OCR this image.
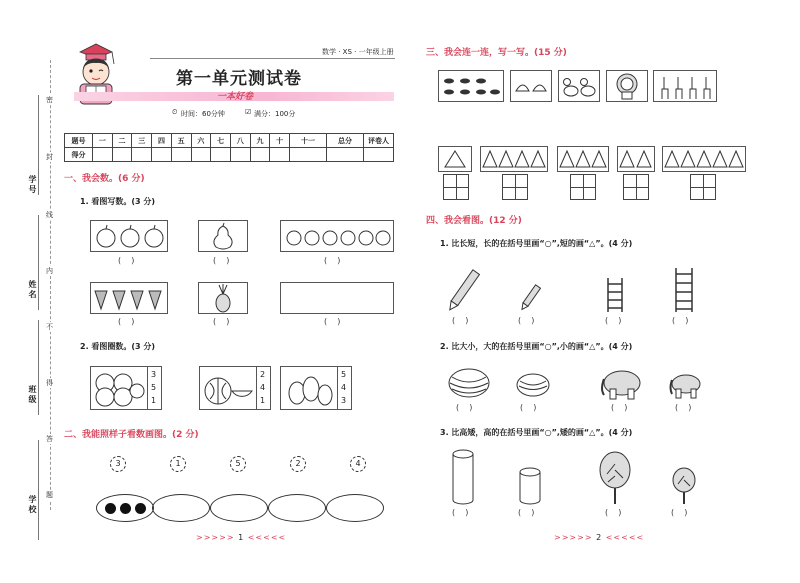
学号
姓名
班级
学校
密
封
线
内
不
得
答
题
数学 · XS · 一年级上册
第一单元测试卷
一本好卷
⏲ 时间：60分钟	☑ 满分：100分
题号	一	二	三	四	五	六	七	八	九	十	十一	总分	评卷人
得分													
一、我会数。(6 分)
1. 看图写数。(3 分)
(    )	(    )	(    )
(    )	(    )	(    )
2. 看图圈数。(3 分)
3
5
1
2
4
1
5
4
3
二、我能照样子看数画图。(2 分)
3	1	5	2	4
>>>>> 1 <<<<<
三、我会连一连，写一写。(15 分)
四、我会看图。(12 分)
1. 比长短，长的在括号里画“○”,短的画“△”。(4 分)
(    )	(    )	(    )	(    )
2. 比大小，大的在括号里画“○”,小的画“△”。(4 分)
(    )	(    )	(    )	(    )
3. 比高矮，高的在括号里画“○”,矮的画“△”。(4 分)
(    )	(    )	(    )	(    )
>>>>> 2 <<<<<
